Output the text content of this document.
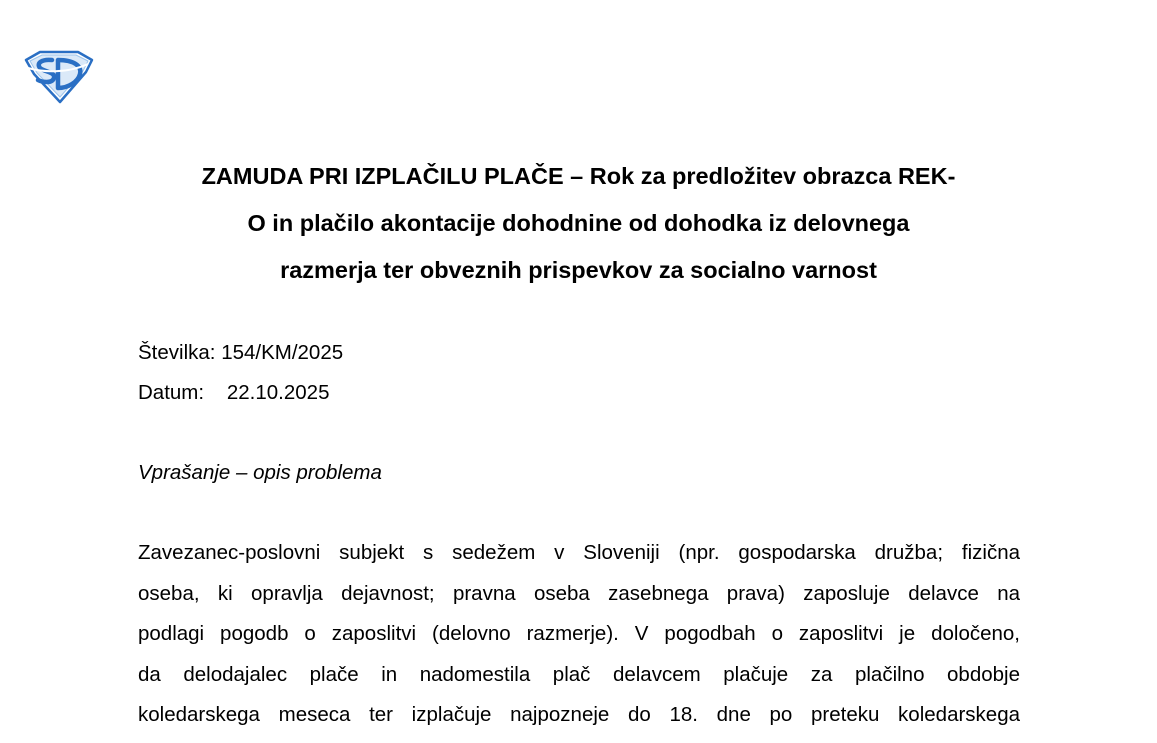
ZAMUDA PRI IZPLAČILU PLAČE – Rok za predložitev obrazca REK-
O in plačilo akontacije dohodnine od dohodka iz delovnega
razmerja ter obveznih prispevkov za socialno varnost
Številka: 154/KM/2025
Datum: 22.10.2025
Vprašanje – opis problema
Zavezanec-poslovni subjekt s sedežem v Sloveniji (npr. gospodarska družba; fizična
oseba, ki opravlja dejavnost; pravna oseba zasebnega prava) zaposluje delavce na
podlagi pogodb o zaposlitvi (delovno razmerje). V pogodbah o zaposlitvi je določeno,
da delodajalec plače in nadomestila plač delavcem plačuje za plačilno obdobje
koledarskega meseca ter izplačuje najpozneje do 18. dne po preteku koledarskega
